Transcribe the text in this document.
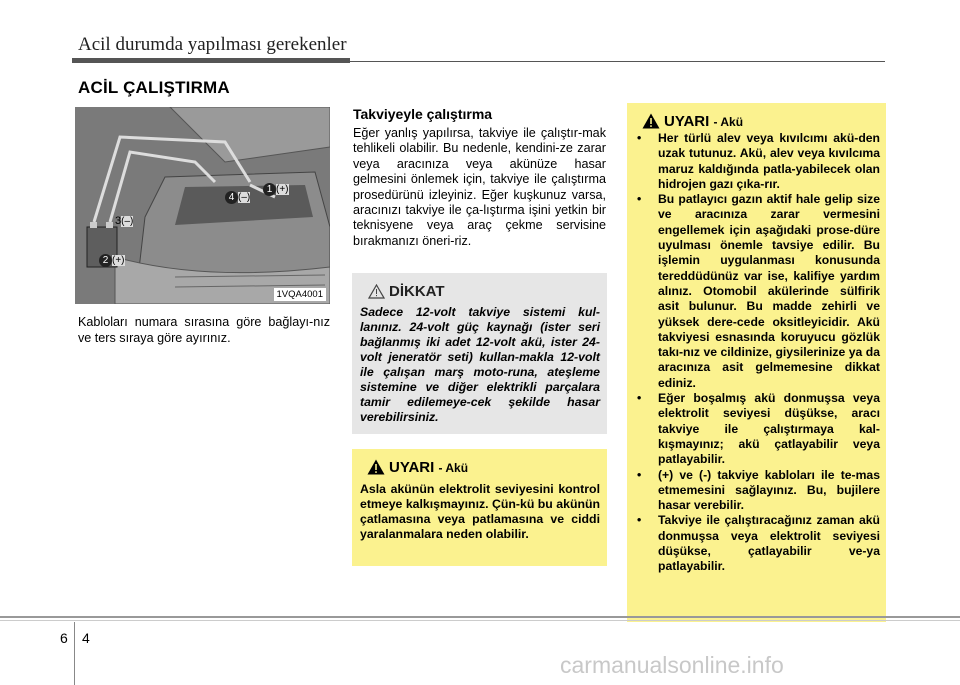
Acil durumda yapılması gerekenler
ACİL ÇALIŞTIRMA
1 (+)
2 (+)
3(–)
4 (–)
1VQA4001
Kabloları numara sırasına göre bağlayı-nız ve ters sıraya göre ayırınız.
Takviyeyle çalıştırma
Eğer yanlış yapılırsa, takviye ile çalıştır-mak tehlikeli olabilir. Bu nedenle, kendini-ze zarar veya aracınıza veya akünüze hasar gelmesini önlemek için, takviye ile çalıştırma prosedürünü izleyiniz. Eğer kuşkunuz varsa, aracınızı takviye ile ça-lıştırma işini yetkin bir teknisyene veya araç çekme servisine bırakmanızı öneri-riz.
DİKKAT
Sadece 12-volt takviye sistemi kul-lanınız. 24-volt güç kaynağı (ister seri bağlanmış iki adet 12-volt akü, ister 24-volt jeneratör seti) kullan-makla 12-volt ile çalışan marş moto-runa, ateşleme sistemine ve diğer elektrikli parçalara tamir edilemeye-cek şekilde hasar verebilirsiniz.
UYARI - Akü
Asla akünün elektrolit seviyesini kontrol etmeye kalkışmayınız. Çün-kü bu akünün çatlamasına veya patlamasına ve ciddi yaralanmalara neden olabilir.
UYARI - Akü
• Her türlü alev veya kıvılcımı akü-den uzak tutunuz. Akü, alev veya kıvılcıma maruz kaldığında patla-yabilecek olan hidrojen gazı çıka-rır.
• Bu patlayıcı gazın aktif hale gelip size ve aracınıza zarar vermesini engellemek için aşağıdaki prose-düre uyulması önemle tavsiye edilir. Bu işlemin uygulanması konusunda tereddüdünüz var ise, kalifiye yardım alınız. Otomobil akülerinde sülfirik asit bulunur. Bu madde zehirli ve yüksek dere-cede oksitleyicidir. Akü takviyesi esnasında koruyucu gözlük takı-nız ve cildinize, giysilerinize ya da aracınıza asit gelmemesine dikkat ediniz.
• Eğer boşalmış akü donmuşsa veya elektrolit seviyesi düşükse, aracı takviye ile çalıştırmaya kal-kışmayınız; akü çatlayabilir veya patlayabilir.
• (+) ve (-) takviye kabloları ile te-mas etmemesini sağlayınız. Bu, bujilere hasar verebilir.
• Takviye ile çalıştıracağınız zaman akü donmuşsa veya elektrolit seviyesi düşükse, çatlayabilir ve-ya patlayabilir.
6 4
carmanualsonline.info
